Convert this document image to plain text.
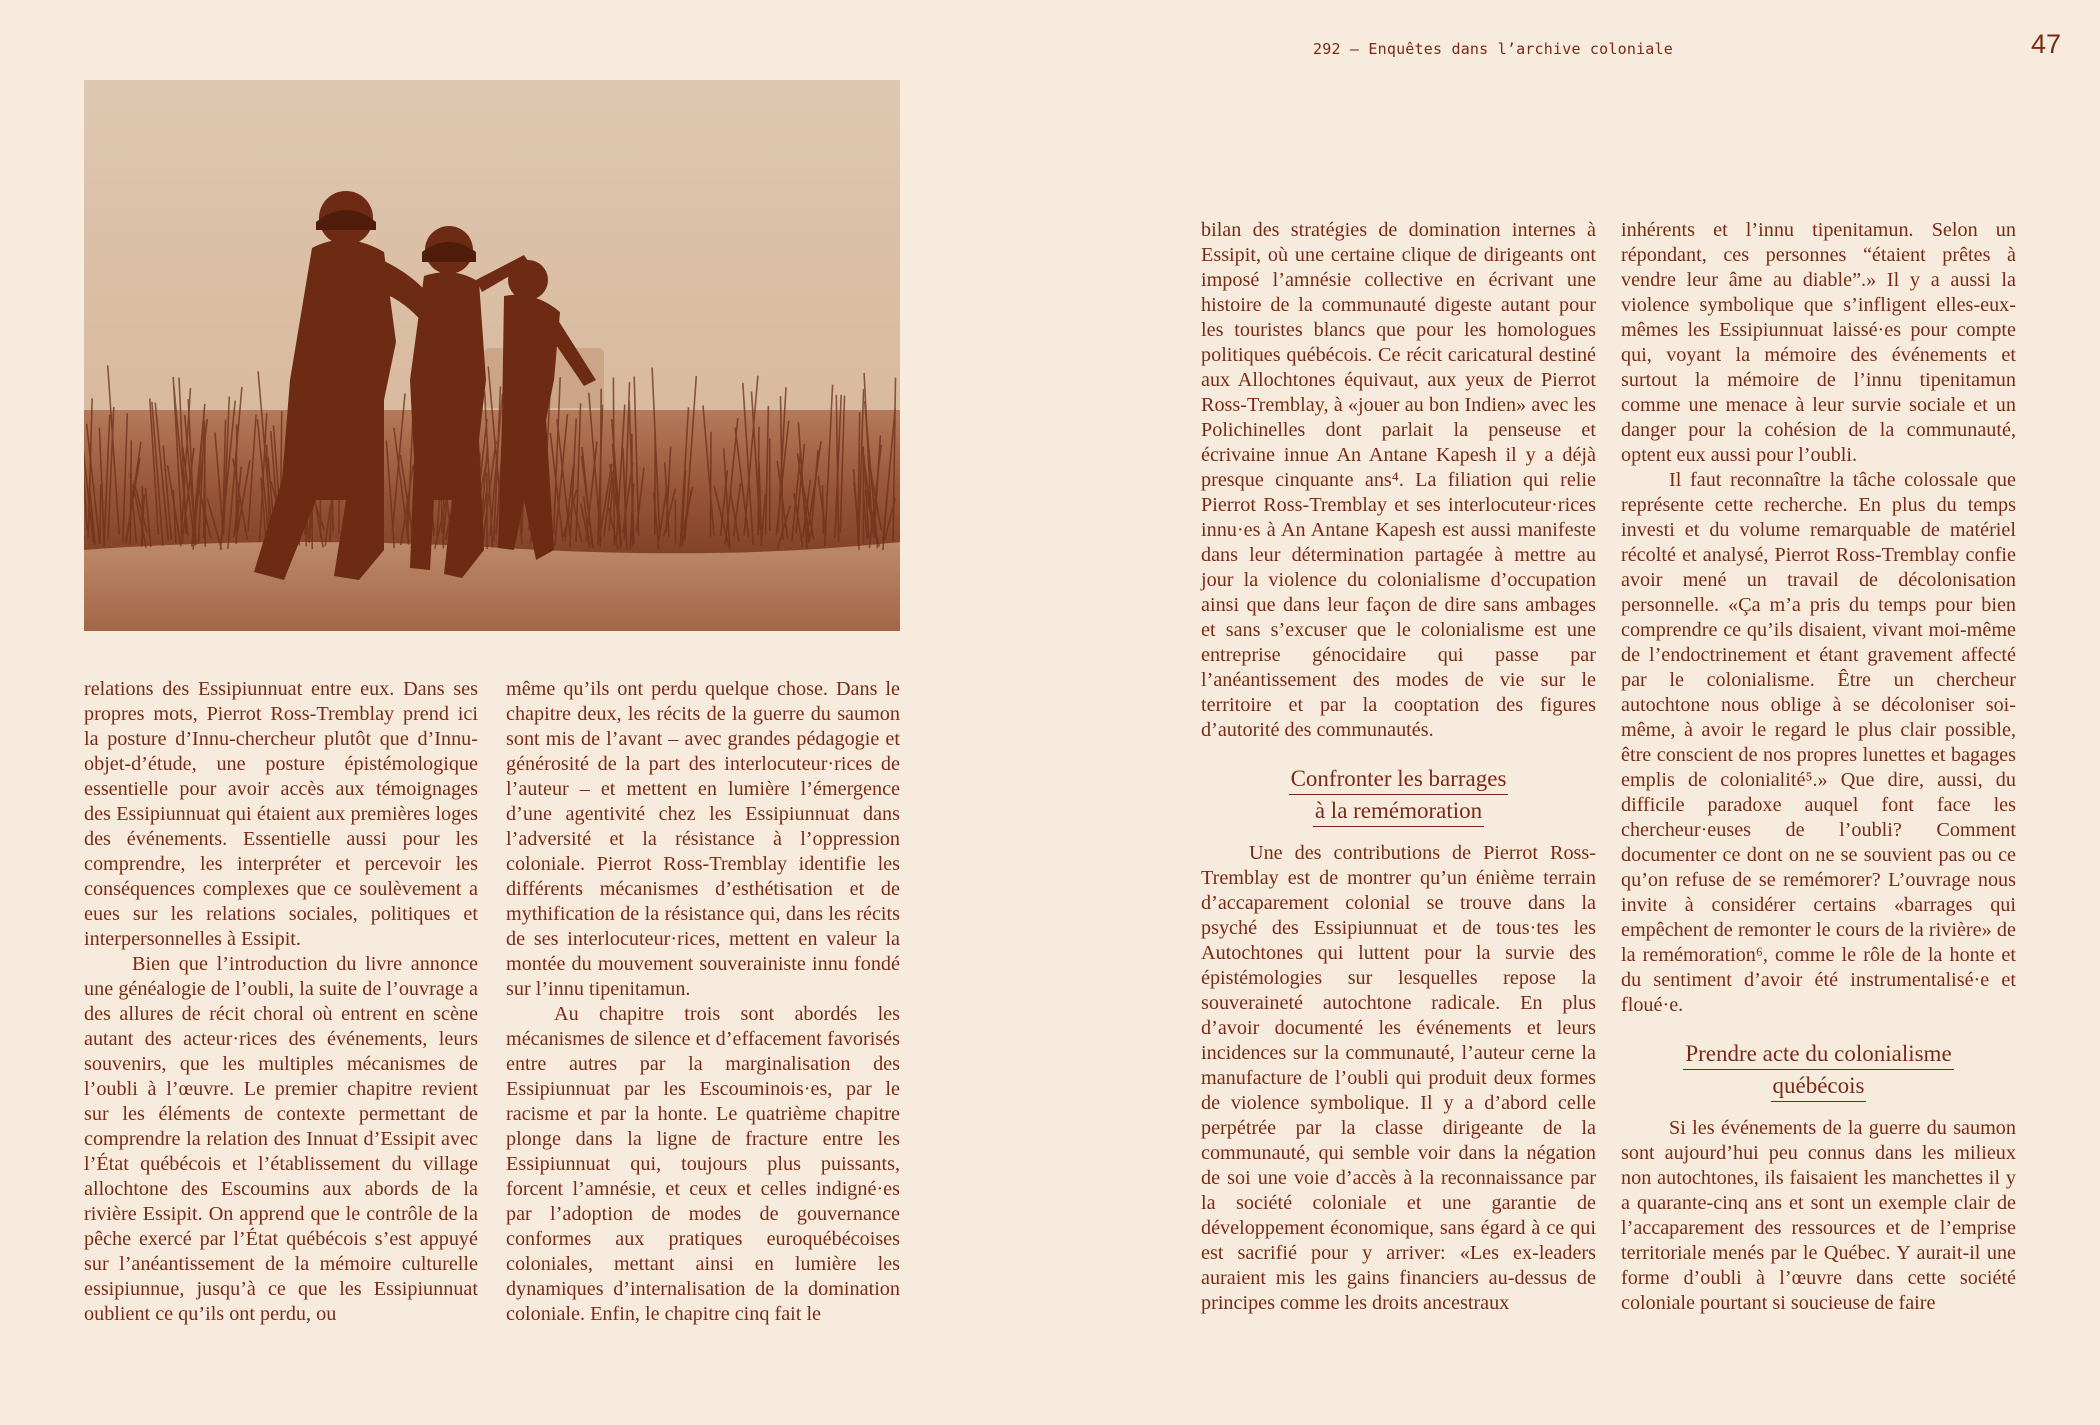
292 — Enquêtes dans l’archive coloniale	47

relations des Essipiunnuat entre eux. Dans ses propres mots, Pierrot Ross-Tremblay prend ici la posture d’Innu-chercheur plutôt que d’Innu-objet-d’étude, une posture épistémologique essentielle pour avoir accès aux témoignages des Essipiunnuat qui étaient aux premières loges des événements. Essentielle aussi pour les comprendre, les interpréter et percevoir les conséquences complexes que ce soulèvement a eues sur les relations sociales, politiques et interpersonnelles à Essipit.

Bien que l’introduction du livre annonce une généalogie de l’oubli, la suite de l’ouvrage a des allures de récit choral où entrent en scène autant des acteur·rices des événements, leurs souvenirs, que les multiples mécanismes de l’oubli à l’œuvre. Le premier chapitre revient sur les éléments de contexte permettant de comprendre la relation des Innuat d’Essipit avec l’État québécois et l’établissement du village allochtone des Escoumins aux abords de la rivière Essipit. On apprend que le contrôle de la pêche exercé par l’État québécois s’est appuyé sur l’anéantissement de la mémoire culturelle essipiunnue, jusqu’à ce que les Essipiunnuat oublient ce qu’ils ont perdu, ou

même qu’ils ont perdu quelque chose. Dans le chapitre deux, les récits de la guerre du saumon sont mis de l’avant – avec grandes pédagogie et générosité de la part des interlocuteur·rices de l’auteur – et mettent en lumière l’émergence d’une agentivité chez les Essipiunnuat dans l’adversité et la résistance à l’oppression coloniale. Pierrot Ross-Tremblay identifie les différents mécanismes d’esthétisation et de mythification de la résistance qui, dans les récits de ses interlocuteur·rices, mettent en valeur la montée du mouvement souverainiste innu fondé sur l’innu tipenitamun.

Au chapitre trois sont abordés les mécanismes de silence et d’effacement favorisés entre autres par la marginalisation des Essipiunnuat par les Escouminois·es, par le racisme et par la honte. Le quatrième chapitre plonge dans la ligne de fracture entre les Essipiunnuat qui, toujours plus puissants, forcent l’amnésie, et ceux et celles indigné·es par l’adoption de modes de gouvernance conformes aux pratiques euroquébécoises coloniales, mettant ainsi en lumière les dynamiques d’internalisation de la domination coloniale. Enfin, le chapitre cinq fait le

bilan des stratégies de domination internes à Essipit, où une certaine clique de dirigeants ont imposé l’amnésie collective en écrivant une histoire de la communauté digeste autant pour les touristes blancs que pour les homologues politiques québécois. Ce récit caricatural destiné aux Allochtones équivaut, aux yeux de Pierrot Ross-Tremblay, à «jouer au bon Indien» avec les Polichinelles dont parlait la penseuse et écrivaine innue An Antane Kapesh il y a déjà presque cinquante ans⁴. La filiation qui relie Pierrot Ross-Tremblay et ses interlocuteur·rices innu·es à An Antane Kapesh est aussi manifeste dans leur détermination partagée à mettre au jour la violence du colonialisme d’occupation ainsi que dans leur façon de dire sans ambages et sans s’excuser que le colonialisme est une entreprise génocidaire qui passe par l’anéantissement des modes de vie sur le territoire et par la cooptation des figures d’autorité des communautés.

Confronter les barrages
à la remémoration

Une des contributions de Pierrot Ross-Tremblay est de montrer qu’un énième terrain d’accaparement colonial se trouve dans la psyché des Essipiunnuat et de tous·tes les Autochtones qui luttent pour la survie des épistémologies sur lesquelles repose la souveraineté autochtone radicale. En plus d’avoir documenté les événements et leurs incidences sur la communauté, l’auteur cerne la manufacture de l’oubli qui produit deux formes de violence symbolique. Il y a d’abord celle perpétrée par la classe dirigeante de la communauté, qui semble voir dans la négation de soi une voie d’accès à la reconnaissance par la société coloniale et une garantie de développement économique, sans égard à ce qui est sacrifié pour y arriver: «Les ex-leaders auraient mis les gains financiers au-dessus de principes comme les droits ancestraux

inhérents et l’innu tipenitamun. Selon un répondant, ces personnes “étaient prêtes à vendre leur âme au diable”.» Il y a aussi la violence symbolique que s’infligent elles-eux-mêmes les Essipiunnuat laissé·es pour compte qui, voyant la mémoire des événements et surtout la mémoire de l’innu tipenitamun comme une menace à leur survie sociale et un danger pour la cohésion de la communauté, optent eux aussi pour l’oubli.

Il faut reconnaître la tâche colossale que représente cette recherche. En plus du temps investi et du volume remarquable de matériel récolté et analysé, Pierrot Ross-Tremblay confie avoir mené un travail de décolonisation personnelle. «Ça m’a pris du temps pour bien comprendre ce qu’ils disaient, vivant moi-même de l’endoctrinement et étant gravement affecté par le colonialisme. Être un chercheur autochtone nous oblige à se décoloniser soi-même, à avoir le regard le plus clair possible, être conscient de nos propres lunettes et bagages emplis de colonialité⁵.» Que dire, aussi, du difficile paradoxe auquel font face les chercheur·euses de l’oubli? Comment documenter ce dont on ne se souvient pas ou ce qu’on refuse de se remémorer? L’ouvrage nous invite à considérer certains «barrages qui empêchent de remonter le cours de la rivière» de la remémoration⁶, comme le rôle de la honte et du sentiment d’avoir été instrumentalisé·e et floué·e.

Prendre acte du colonialisme
québécois

Si les événements de la guerre du saumon sont aujourd’hui peu connus dans les milieux non autochtones, ils faisaient les manchettes il y a quarante-cinq ans et sont un exemple clair de l’accaparement des ressources et de l’emprise territoriale menés par le Québec. Y aurait-il une forme d’oubli à l’œuvre dans cette société coloniale pourtant si soucieuse de faire
